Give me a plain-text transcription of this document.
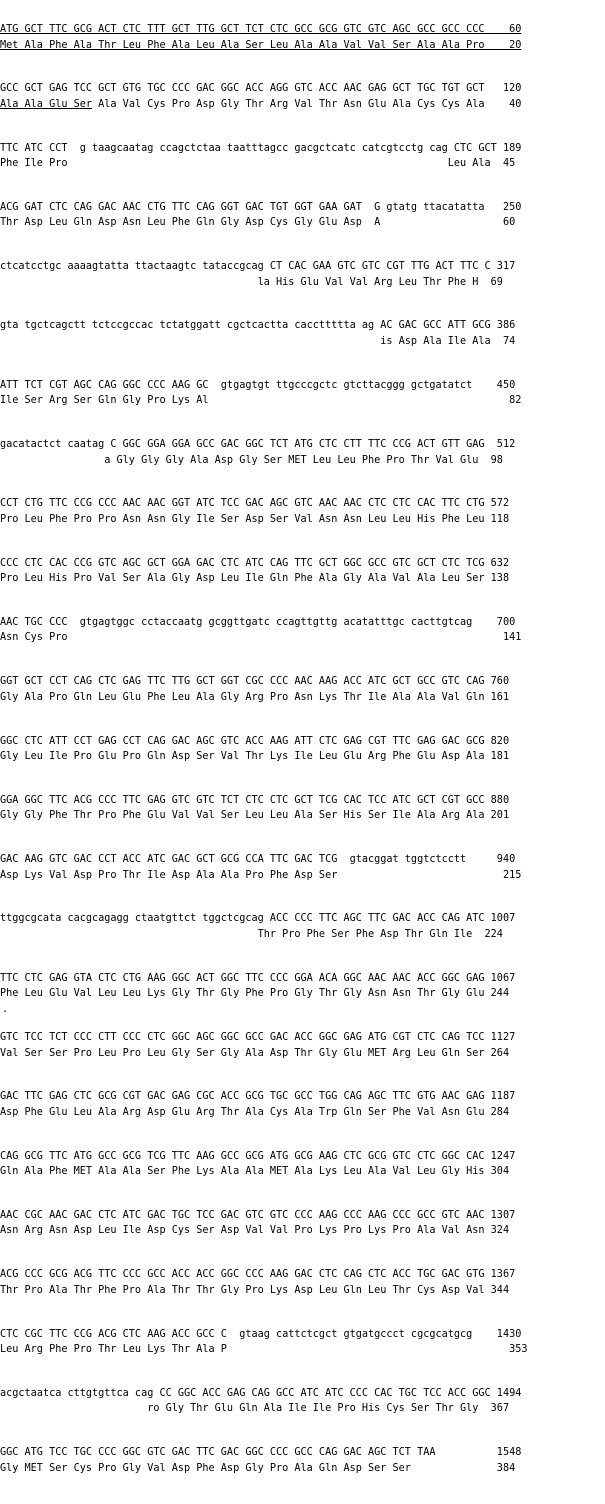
ATG GCT TTC GCG ACT CTC TTT GCT TTG GCT TCT CTC GCC GCG GTC GTC AGC GCC GCC CCC    60
Met Ala Phe Ala Thr Leu Phe Ala Leu Ala Ser Leu Ala Ala Val Val Ser Ala Ala Pro    20

GCC GCT GAG TCC GCT GTG TGC CCC GAC GGC ACC AGG GTC ACC AAC GAG GCT TGC TGT GCT   120
Ala Ala Glu Ser Ala Val Cys Pro Asp Gly Thr Arg Val Thr Asn Glu Ala Cys Cys Ala    40

TTC ATC CCT  g taagcaatag ccagctctaa taatttagcc gacgctcatc catcgtcctg cag CTC GCT 189
Phe Ile Pro                                                              Leu Ala  45

ACG GAT CTC CAG GAC AAC CTG TTC CAG GGT GAC TGT GGT GAA GAT  G gtatg ttacatatta   250
Thr Asp Leu Gln Asp Asn Leu Phe Gln Gly Asp Cys Gly Glu Asp  A                    60

ctcatcctgc aaaagtatta ttactaagtc tataccgcag CT CAC GAA GTC GTC CGT TTG ACT TTC C 317
la His Glu Val Val Arg Leu Thr Phe H  69

gta tgctcagctt tctccgccac tctatggatt cgctcactta caccttttta ag AC GAC GCC ATT GCG 386
is Asp Ala Ile Ala  74

ATT TCT CGT AGC CAG GGC CCC AAG GC  gtgagtgt ttgcccgctc gtcttacggg gctgatatct    450
Ile Ser Arg Ser Gln Gly Pro Lys Al                                                 82

gacatactct caatag C GGC GGA GGA GCC GAC GGC TCT ATG CTC CTT TTC CCG ACT GTT GAG  512
a Gly Gly Gly Ala Asp Gly Ser MET Leu Leu Phe Pro Thr Val Glu  98

CCT CTG TTC CCG CCC AAC AAC GGT ATC TCC GAC AGC GTC AAC AAC CTC CTC CAC TTC CTG 572
Pro Leu Phe Pro Pro Asn Asn Gly Ile Ser Asp Ser Val Asn Asn Leu Leu His Phe Leu 118

CCC CTC CAC CCG GTC AGC GCT GGA GAC CTC ATC CAG TTC GCT GGC GCC GTC GCT CTC TCG 632
Pro Leu His Pro Val Ser Ala Gly Asp Leu Ile Gln Phe Ala Gly Ala Val Ala Leu Ser 138

AAC TGC CCC  gtgagtggc cctaccaatg gcggttgatc ccagttgttg acatatttgc cacttgtcag    700
Asn Cys Pro                                                                       141

GGT GCT CCT CAG CTC GAG TTC TTG GCT GGT CGC CCC AAC AAG ACC ATC GCT GCC GTC CAG 760
Gly Ala Pro Gln Leu Glu Phe Leu Ala Gly Arg Pro Asn Lys Thr Ile Ala Ala Val Gln 161

GGC CTC ATT CCT GAG CCT CAG GAC AGC GTC ACC AAG ATT CTC GAG CGT TTC GAG GAC GCG 820
Gly Leu Ile Pro Glu Pro Gln Asp Ser Val Thr Lys Ile Leu Glu Arg Phe Glu Asp Ala 181

GGA GGC TTC ACG CCC TTC GAG GTC GTC TCT CTC CTC GCT TCG CAC TCC ATC GCT CGT GCC 880
Gly Gly Phe Thr Pro Phe Glu Val Val Ser Leu Leu Ala Ser His Ser Ile Ala Arg Ala 201

GAC AAG GTC GAC CCT ACC ATC GAC GCT GCG CCA TTC GAC TCG  gtacggat tggtctcctt     940
Asp Lys Val Asp Pro Thr Ile Asp Ala Ala Pro Phe Asp Ser                           215

ttggcgcata cacgcagagg ctaatgttct tggctcgcag ACC CCC TTC AGC TTC GAC ACC CAG ATC 1007
Thr Pro Phe Ser Phe Asp Thr Gln Ile  224

TTC CTC GAG GTA CTC CTG AAG GGC ACT GGC TTC CCC GGA ACA GGC AAC AAC ACC GGC GAG 1067
Phe Leu Glu Val Leu Leu Lys Gly Thr Gly Phe Pro Gly Thr Gly Asn Asn Thr Gly Glu 244

GTC TCC TCT CCC CTT CCC CTC GGC AGC GGC GCC GAC ACC GGC GAG ATG CGT CTC CAG TCC 1127
Val Ser Ser Pro Leu Pro Leu Gly Ser Gly Ala Asp Thr Gly Glu MET Arg Leu Gln Ser 264

GAC TTC GAG CTC GCG CGT GAC GAG CGC ACC GCG TGC GCC TGG CAG AGC TTC GTG AAC GAG 1187
Asp Phe Glu Leu Ala Arg Asp Glu Arg Thr Ala Cys Ala Trp Gln Ser Phe Val Asn Glu 284

CAG GCG TTC ATG GCC GCG TCG TTC AAG GCC GCG ATG GCG AAG CTC GCG GTC CTC GGC CAC 1247
Gln Ala Phe MET Ala Ala Ser Phe Lys Ala Ala MET Ala Lys Leu Ala Val Leu Gly His 304

AAC CGC AAC GAC CTC ATC GAC TGC TCC GAC GTC GTC CCC AAG CCC AAG CCC GCC GTC AAC 1307
Asn Arg Asn Asp Leu Ile Asp Cys Ser Asp Val Val Pro Lys Pro Lys Pro Ala Val Asn 324

ACG CCC GCG ACG TTC CCC GCC ACC ACC GGC CCC AAG GAC CTC CAG CTC ACC TGC GAC GTG 1367
Thr Pro Ala Thr Phe Pro Ala Thr Thr Gly Pro Lys Asp Leu Gln Leu Thr Cys Asp Val 344

CTC CGC TTC CCG ACG CTC AAG ACC GCC C  gtaag cattctcgct gtgatgccct cgcgcatgcg    1430
Leu Arg Phe Pro Thr Leu Lys Thr Ala P                                              353

acgctaatca cttgtgttca cag CC GGC ACC GAG CAG GCC ATC ATC CCC CAC TGC TCC ACC GGC 1494
ro Gly Thr Glu Gln Ala Ile Ile Pro His Cys Ser Thr Gly  367

GGC ATG TCC TGC CCC GGC GTC GAC TTC GAC GGC CCC GCC CAG GAC AGC TCT TAA          1548
Gly MET Ser Cys Pro Gly Val Asp Phe Asp Gly Pro Ala Gln Asp Ser Ser              384

.
